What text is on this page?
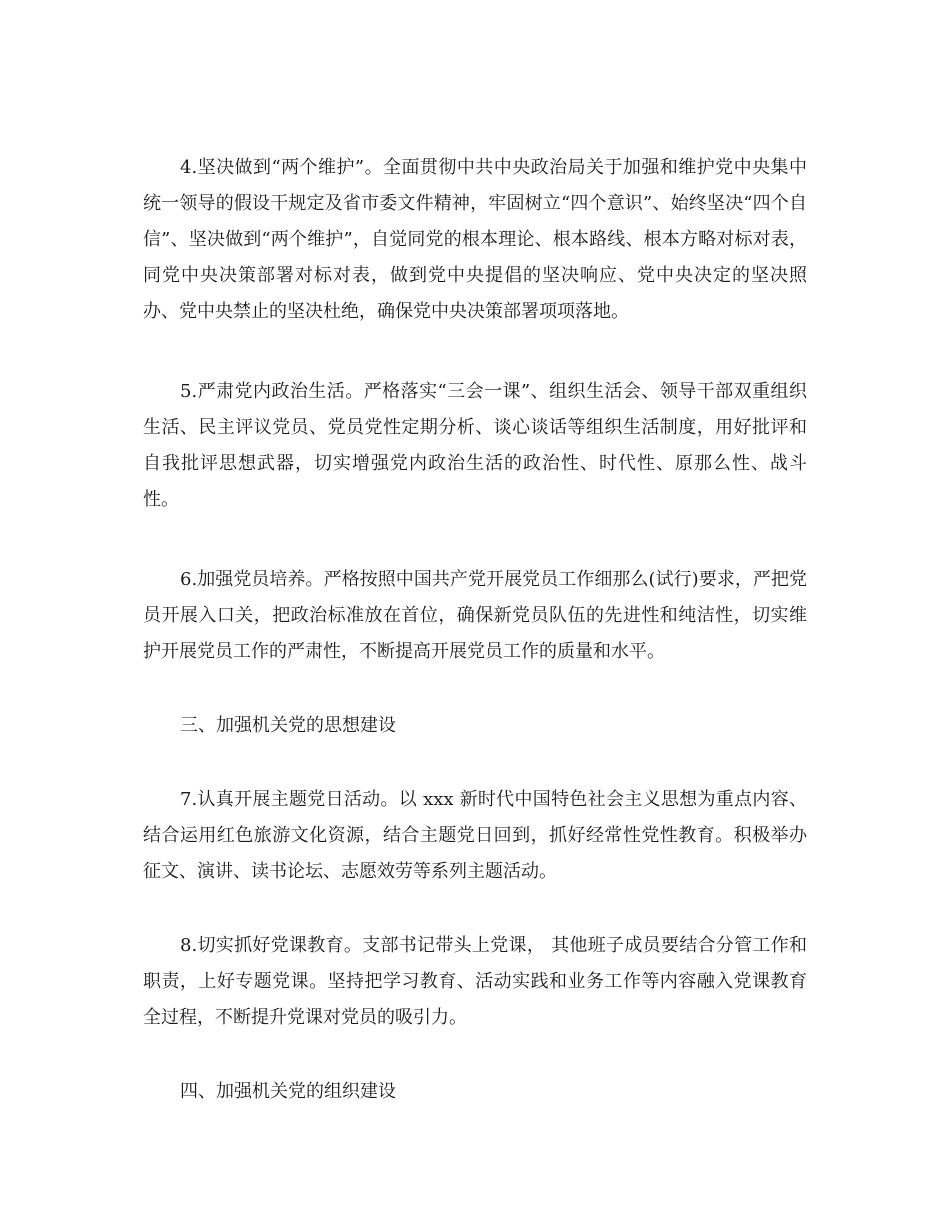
4.坚决做到“两个维护”。全面贯彻中共中央政治局关于加强和维护党中央集中统一领导的假设干规定及省市委文件精神，牢固树立“四个意识”、始终坚决“四个自信”、坚决做到“两个维护”，自觉同党的根本理论、根本路线、根本方略对标对表，同党中央决策部署对标对表，做到党中央提倡的坚决响应、党中央决定的坚决照办、党中央禁止的坚决杜绝，确保党中央决策部署项项落地。

5.严肃党内政治生活。严格落实“三会一课”、组织生活会、领导干部双重组织生活、民主评议党员、党员党性定期分析、谈心谈话等组织生活制度，用好批评和自我批评思想武器，切实增强党内政治生活的政治性、时代性、原那么性、战斗性。

6.加强党员培养。严格按照中国共产党开展党员工作细那么(试行)要求，严把党员开展入口关，把政治标准放在首位，确保新党员队伍的先进性和纯洁性，切实维护开展党员工作的严肃性，不断提高开展党员工作的质量和水平。

三、加强机关党的思想建设

7.认真开展主题党日活动。以 xxx 新时代中国特色社会主义思想为重点内容、结合运用红色旅游文化资源，结合主题党日回到，抓好经常性党性教育。积极举办征文、演讲、读书论坛、志愿效劳等系列主题活动。

8.切实抓好党课教育。支部书记带头上党课， 其他班子成员要结合分管工作和职责，上好专题党课。坚持把学习教育、活动实践和业务工作等内容融入党课教育全过程，不断提升党课对党员的吸引力。

四、加强机关党的组织建设
